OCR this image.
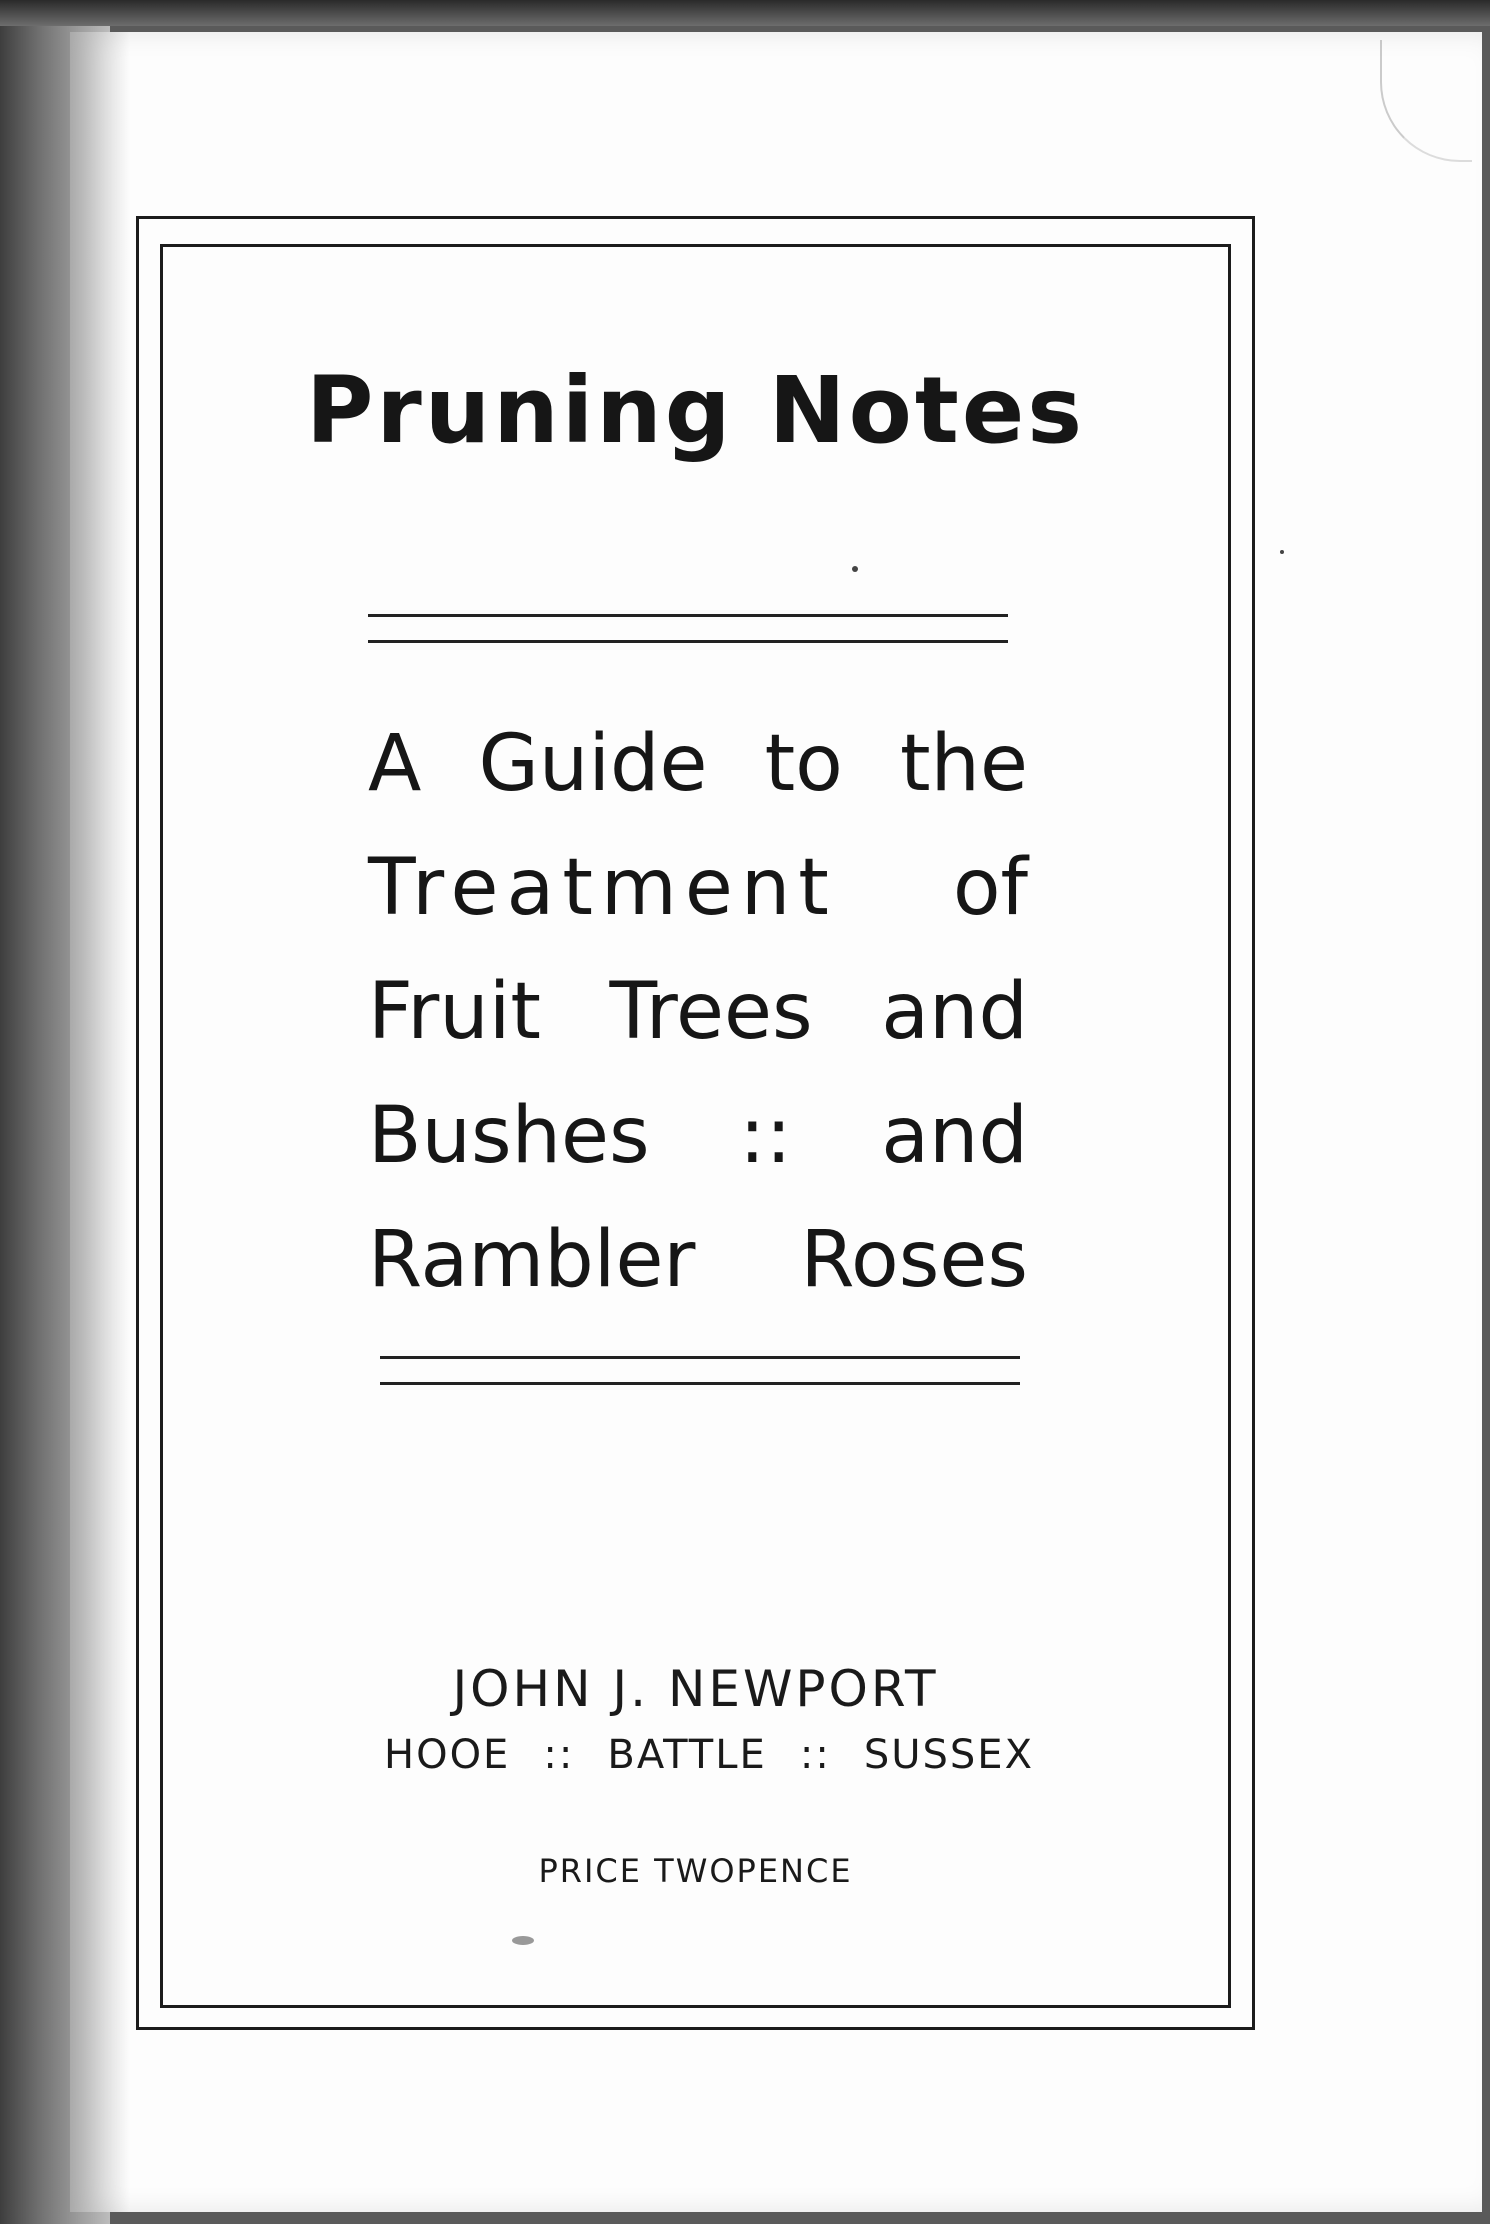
Pruning Notes
A Guide to the
Treatment of
Fruit Trees and
Bushes :: and
Rambler Roses
JOHN J. NEWPORT
HOOE :: BATTLE :: SUSSEX
PRICE TWOPENCE
